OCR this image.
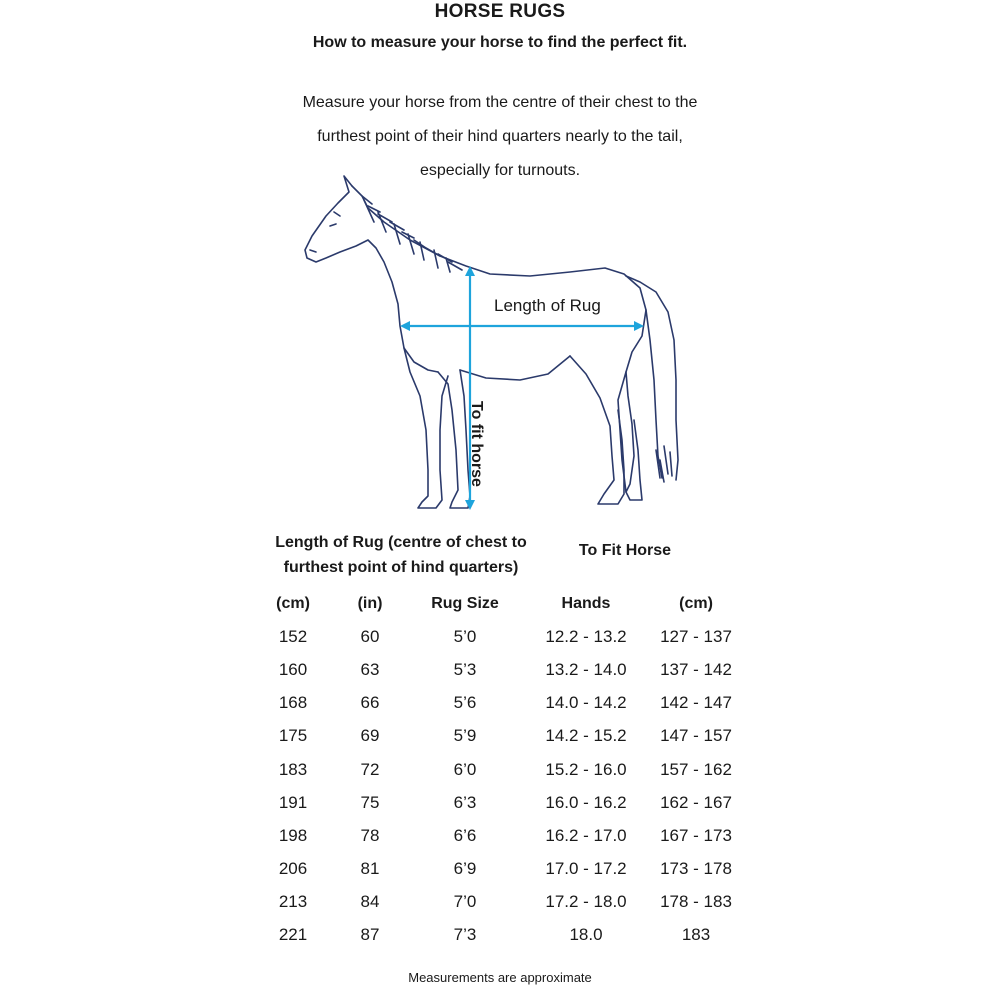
HORSE RUGS
How to measure your horse to find the perfect fit.
Measure your horse from the centre of their chest to the
furthest point of their hind quarters nearly to the tail,
especially for turnouts.
Length of Rug
To fit horse
Length of Rug (centre of chest to furthest point of hind quarters)
To Fit Horse
(cm)	(in)	Rug Size	Hands	(cm)
152	60	5’0	12.2 - 13.2	127 - 137
160	63	5’3	13.2 - 14.0	137 - 142
168	66	5’6	14.0 - 14.2	142 - 147
175	69	5’9	14.2 - 15.2	147 - 157
183	72	6’0	15.2 - 16.0	157 - 162
191	75	6’3	16.0 - 16.2	162 - 167
198	78	6’6	16.2 - 17.0	167 - 173
206	81	6’9	17.0 - 17.2	173 - 178
213	84	7’0	17.2 - 18.0	178 - 183
221	87	7’3	18.0	183
Measurements are approximate
